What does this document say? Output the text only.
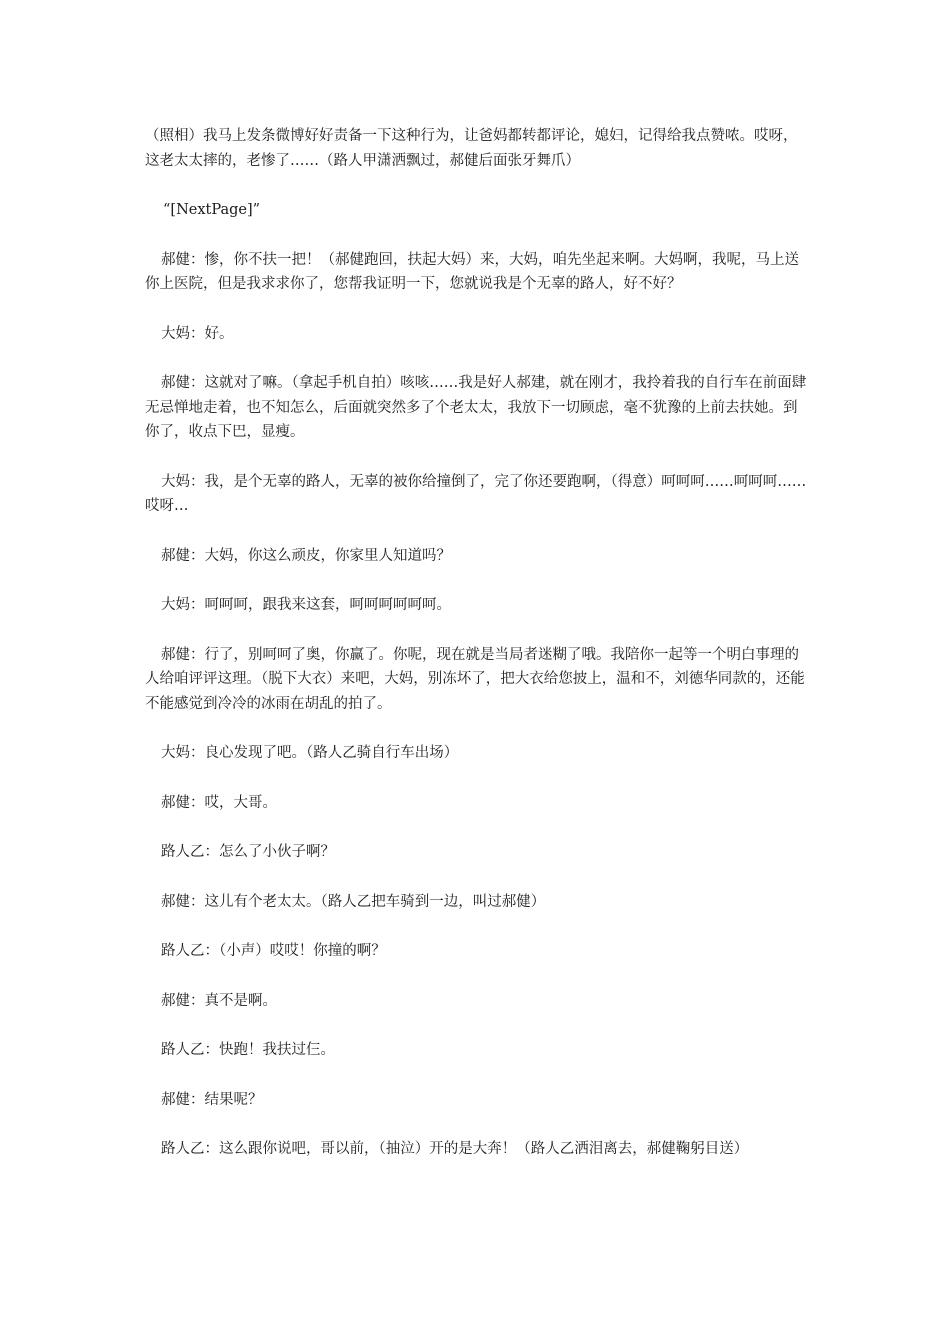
（照相）我马上发条微博好好责备一下这种行为，让爸妈都转都评论，媳妇，记得给我点赞哝。哎呀，这老太太摔的，老惨了……（路人甲潇洒飘过，郝健后面张牙舞爪）

“[NextPage]”

郝健：惨，你不扶一把！（郝健跑回，扶起大妈）来，大妈，咱先坐起来啊。大妈啊，我呢，马上送你上医院，但是我求求你了，您帮我证明一下，您就说我是个无辜的路人，好不好？

大妈：好。

郝健：这就对了嘛。（拿起手机自拍）咳咳……我是好人郝建，就在刚才，我拎着我的自行车在前面肆无忌惮地走着，也不知怎么，后面就突然多了个老太太，我放下一切顾虑，毫不犹豫的上前去扶她。到你了，收点下巴，显瘦。

大妈：我，是个无辜的路人，无辜的被你给撞倒了，完了你还要跑啊，（得意）呵呵呵……呵呵呵……哎呀…

郝健：大妈，你这么顽皮，你家里人知道吗？

大妈：呵呵呵，跟我来这套，呵呵呵呵呵呵。

郝健：行了，别呵呵了奥，你赢了。你呢，现在就是当局者迷糊了哦。我陪你一起等一个明白事理的人给咱评评这理。（脱下大衣）来吧，大妈，别冻坏了，把大衣给您披上，温和不，刘德华同款的，还能不能感觉到冷冷的冰雨在胡乱的拍了。

大妈：良心发现了吧。（路人乙骑自行车出场）

郝健：哎，大哥。

路人乙：怎么了小伙子啊？

郝健：这儿有个老太太。（路人乙把车骑到一边，叫过郝健）

路人乙：（小声）哎哎！你撞的啊？

郝健：真不是啊。

路人乙：快跑！我扶过仨。

郝健：结果呢？

路人乙：这么跟你说吧，哥以前，（抽泣）开的是大奔！（路人乙洒泪离去，郝健鞠躬目送）
